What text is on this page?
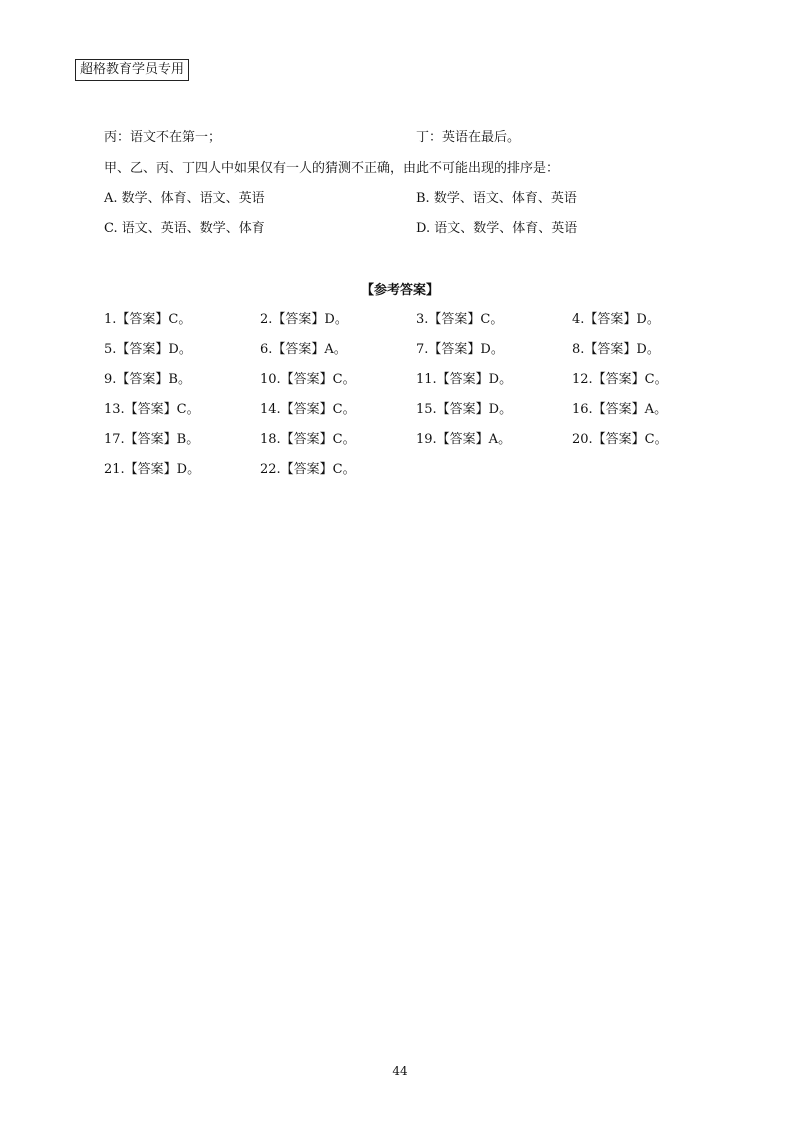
超格教育学员专用
丙：语文不在第一；	丁：英语在最后。
甲、乙、丙、丁四人中如果仅有一人的猜测不正确，由此不可能出现的排序是：
A. 数学、体育、语文、英语	B. 数学、语文、体育、英语
C. 语文、英语、数学、体育	D. 语文、数学、体育、英语
【参考答案】
1.【答案】C。	2.【答案】D。	3.【答案】C。	4.【答案】D。
5.【答案】D。	6.【答案】A。	7.【答案】D。	8.【答案】D。
9.【答案】B。	10.【答案】C。	11.【答案】D。	12.【答案】C。
13.【答案】C。	14.【答案】C。	15.【答案】D。	16.【答案】A。
17.【答案】B。	18.【答案】C。	19.【答案】A。	20.【答案】C。
21.【答案】D。	22.【答案】C。
44
